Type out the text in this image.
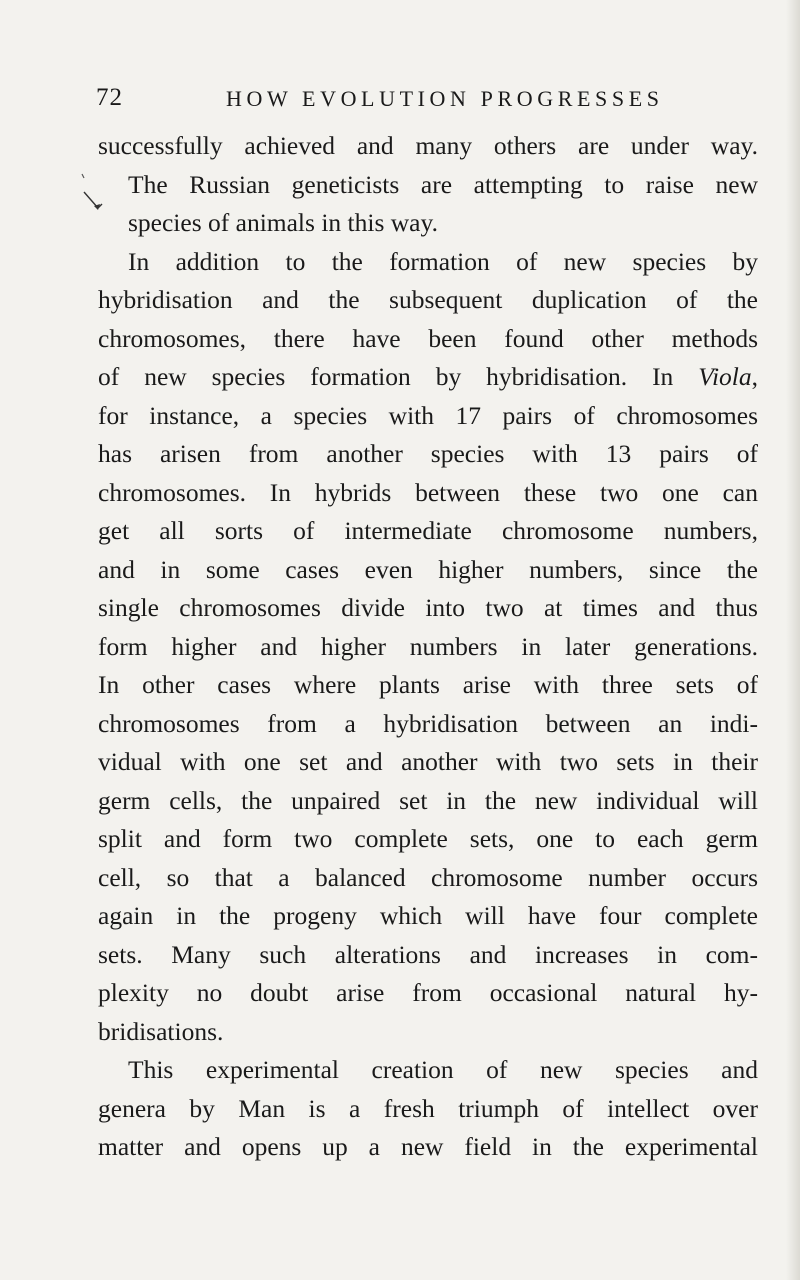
72	HOW EVOLUTION PROGRESSES
successfully achieved and many others are under way.
The Russian geneticists are attempting to raise new
species of animals in this way.
In addition to the formation of new species by
hybridisation and the subsequent duplication of the
chromosomes, there have been found other methods
of new species formation by hybridisation. In Viola,
for instance, a species with 17 pairs of chromosomes
has arisen from another species with 13 pairs of
chromosomes. In hybrids between these two one can
get all sorts of intermediate chromosome numbers,
and in some cases even higher numbers, since the
single chromosomes divide into two at times and thus
form higher and higher numbers in later generations.
In other cases where plants arise with three sets of
chromosomes from a hybridisation between an indi-
vidual with one set and another with two sets in their
germ cells, the unpaired set in the new individual will
split and form two complete sets, one to each germ
cell, so that a balanced chromosome number occurs
again in the progeny which will have four complete
sets. Many such alterations and increases in com-
plexity no doubt arise from occasional natural hy-
bridisations.
This experimental creation of new species and
genera by Man is a fresh triumph of intellect over
matter and opens up a new field in the experimental
